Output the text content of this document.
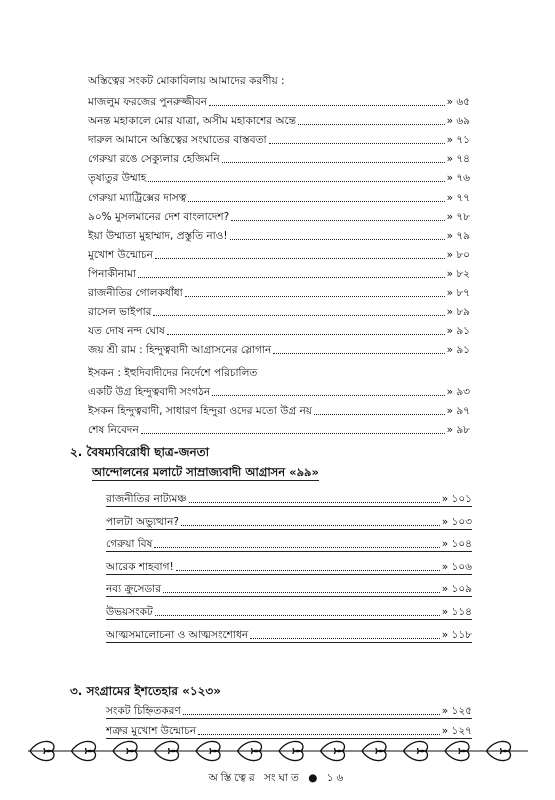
অস্তিত্বের সংকট মোকাবিলায় আমাদের করণীয় :
মাজলুম ফরজের পুনরুজ্জীবন	» ৬৫
অনন্ত মহাকালে মোর যাত্রা, অসীম মহাকাশের অন্তে	» ৬৯
দারুল আমানে অস্তিত্বের সংঘাতের বাস্তবতা	» ৭১
গেরুয়া রঙে সেক্যুলার হেজিমনি	» ৭৪
তৃষাতুর উম্মাহ	» ৭৬
গেরুয়া ম্যাট্রিক্সের দাসত্ব	» ৭৭
৯০% মুসলমানের দেশ বাংলাদেশ?	» ৭৮
ইয়া উম্মাতা মুহাম্মাদ, প্রস্তুতি নাও!	» ৭৯
মুখোশ উন্মোচন	» ৮০
পিনাকীনামা	» ৮২
রাজনীতির গোলকধাঁধা	» ৮৭
রাসেল ভাইপার	» ৮৯
যত দোষ নন্দ ঘোষ	» ৯১
জয় শ্রী রাম : হিন্দুত্ববাদী আগ্রাসনের স্লোগান	» ৯১
ইসকন : ইহুদিবাদীদের নির্দেশে পরিচালিত
একটি উগ্র হিন্দুত্ববাদী সংগঠন	» ৯৩
ইসকন হিন্দুত্ববাদী, সাধারণ হিন্দুরা ওদের মতো উগ্র নয়	» ৯৭
শেষ নিবেদন	» ৯৮
২. বৈষম্যবিরোধী ছাত্র-জনতা
আন্দোলনের মলাটে সাম্রাজ্যবাদী আগ্রাসন «৯৯»
রাজনীতির নাট্যমঞ্চ	» ১০১
পালটা অভ্যুত্থান?	» ১০৩
গেরুয়া বিষ	» ১০৪
আরেক শাহবাগ!	» ১০৬
নব্য ক্রুসেডার	» ১০৯
উভয়সংকট	» ১১৪
আত্মসমালোচনা ও আত্মসংশোধন	» ১১৮
৩. সংগ্রামের ইশতেহার «১২৩»
সংকট চিহ্নিতকরণ	» ১২৫
শত্রুর মুখোশ উন্মোচন	» ১২৭
অস্তিত্বের সংঘাত ● ১৬
